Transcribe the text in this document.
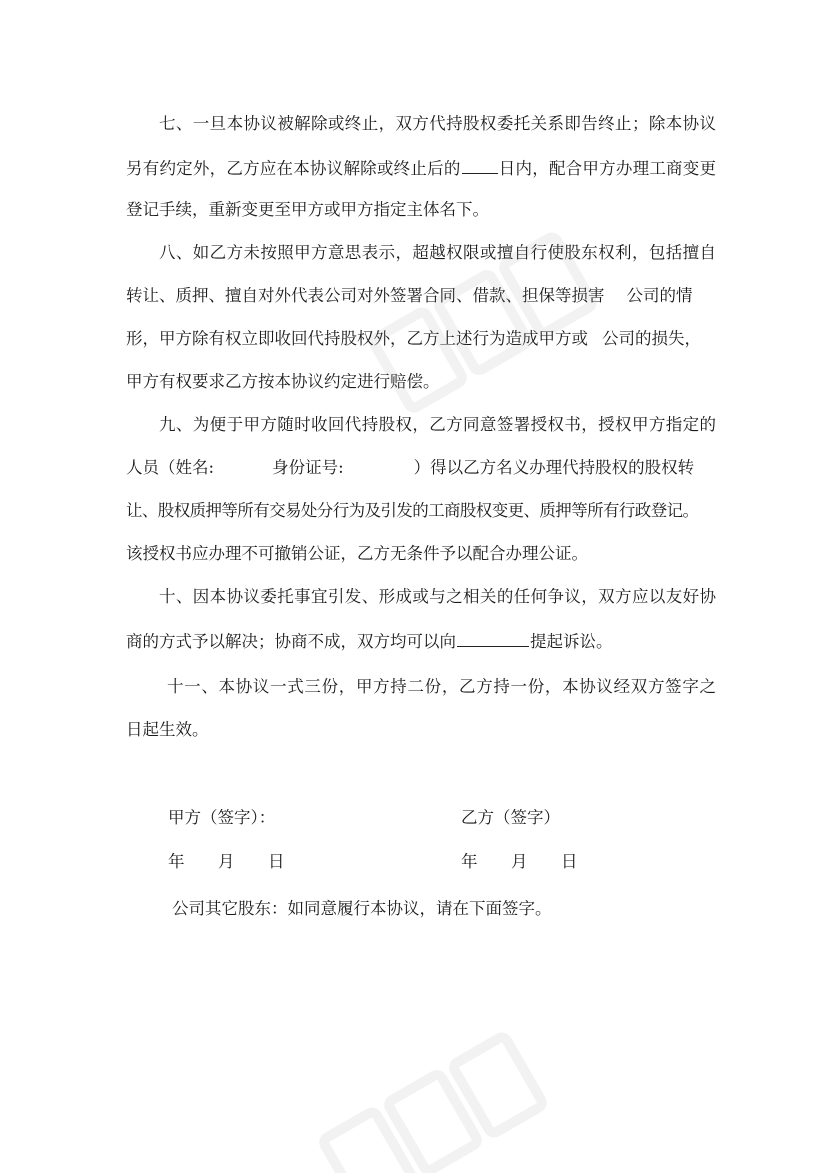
七、一旦本协议被解除或终止，双方代持股权委托关系即告终止；除本协议
另有约定外，乙方应在本协议解除或终止后的 日内，配合甲方办理工商变更
登记手续，重新变更至甲方或甲方指定主体名下。
八、如乙方未按照甲方意思表示，超越权限或擅自行使股东权利，包括擅自
转让、质押、擅自对外代表公司对外签署合同、借款、担保等损害 公司的情
形，甲方除有权立即收回代持股权外，乙方上述行为造成甲方或 公司的损失，
甲方有权要求乙方按本协议约定进行赔偿。
九、为便于甲方随时收回代持股权，乙方同意签署授权书，授权甲方指定的
人员（姓名:	身份证号:	）得以乙方名义办理代持股权的股权转
让、股权质押等所有交易处分行为及引发的工商股权变更、质押等所有行政登记。
该授权书应办理不可撤销公证，乙方无条件予以配合办理公证。
十、因本协议委托事宜引发、形成或与之相关的任何争议，双方应以友好协
商的方式予以解决；协商不成，双方均可以向	提起诉讼。
十一、本协议一式三份，甲方持二份，乙方持一份，本协议经双方签字之
日起生效。
甲方（签字）：	乙方（签字）
年 月 日	年 月 日
公司其它股东：如同意履行本协议，请在下面签字。
